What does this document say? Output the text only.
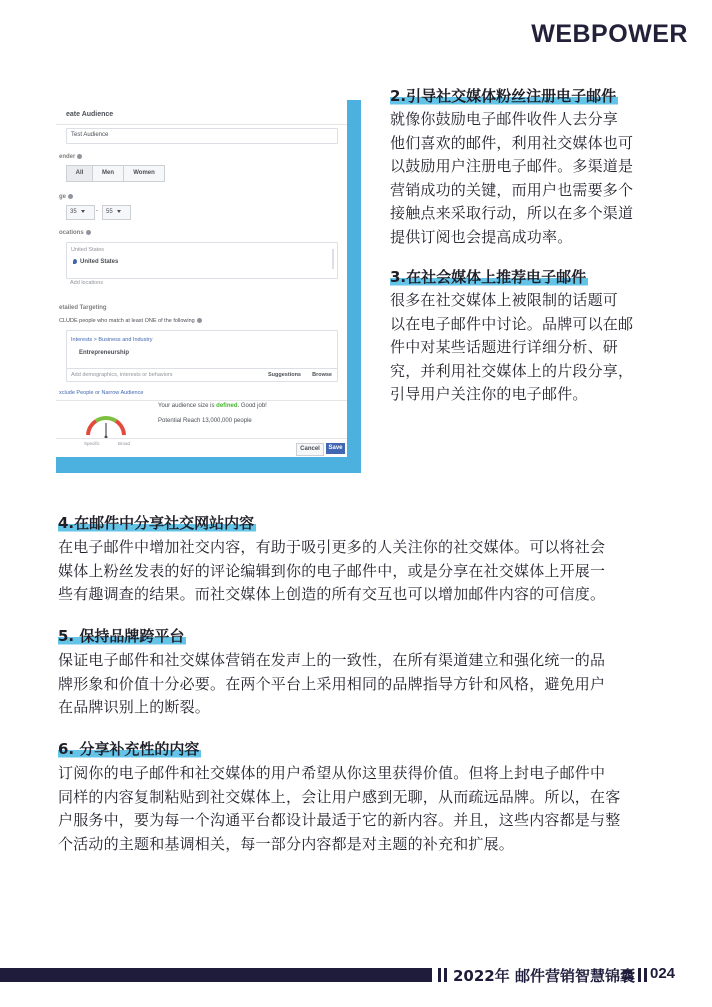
WEBPOWER
eate Audience
Test Audience
ender
All	Men	Women
ge
35	-	55
ocations
United States
United States
Add locations
etailed Targeting
CLUDE people who match at least ONE of the following
Interests > Business and Industry
Entrepreneurship
Add demographics, interests or behaviors	Suggestions Browse
xclude People or Narrow Audience
Specific	Broad
Your audience size is defined. Good job!
Potential Reach 13,000,000 people
Cancel	Save
2.引导社交媒体粉丝注册电子邮件
就像你鼓励电子邮件收件人去分享
他们喜欢的邮件，利用社交媒体也可
以鼓励用户注册电子邮件。多渠道是
营销成功的关键，而用户也需要多个
接触点来采取行动，所以在多个渠道
提供订阅也会提高成功率。
3.在社会媒体上推荐电子邮件
很多在社交媒体上被限制的话题可
以在电子邮件中讨论。品牌可以在邮
件中对某些话题进行详细分析、研
究，并利用社交媒体上的片段分享，
引导用户关注你的电子邮件。
4.在邮件中分享社交网站内容
在电子邮件中增加社交内容，有助于吸引更多的人关注你的社交媒体。可以将社会
媒体上粉丝发表的好的评论编辑到你的电子邮件中，或是分享在社交媒体上开展一
些有趣调查的结果。而社交媒体上创造的所有交互也可以增加邮件内容的可信度。
5. 保持品牌跨平台
保证电子邮件和社交媒体营销在发声上的一致性，在所有渠道建立和强化统一的品
牌形象和价值十分必要。在两个平台上采用相同的品牌指导方针和风格，避免用户
在品牌识别上的断裂。
6. 分享补充性的内容
订阅你的电子邮件和社交媒体的用户希望从你这里获得价值。但将上封电子邮件中
同样的内容复制粘贴到社交媒体上，会让用户感到无聊，从而疏远品牌。所以，在客
户服务中，要为每一个沟通平台都设计最适于它的新内容。并且，这些内容都是与整
个活动的主题和基调相关，每一部分内容都是对主题的补充和扩展。
2022年 邮件营销智慧锦囊 024
